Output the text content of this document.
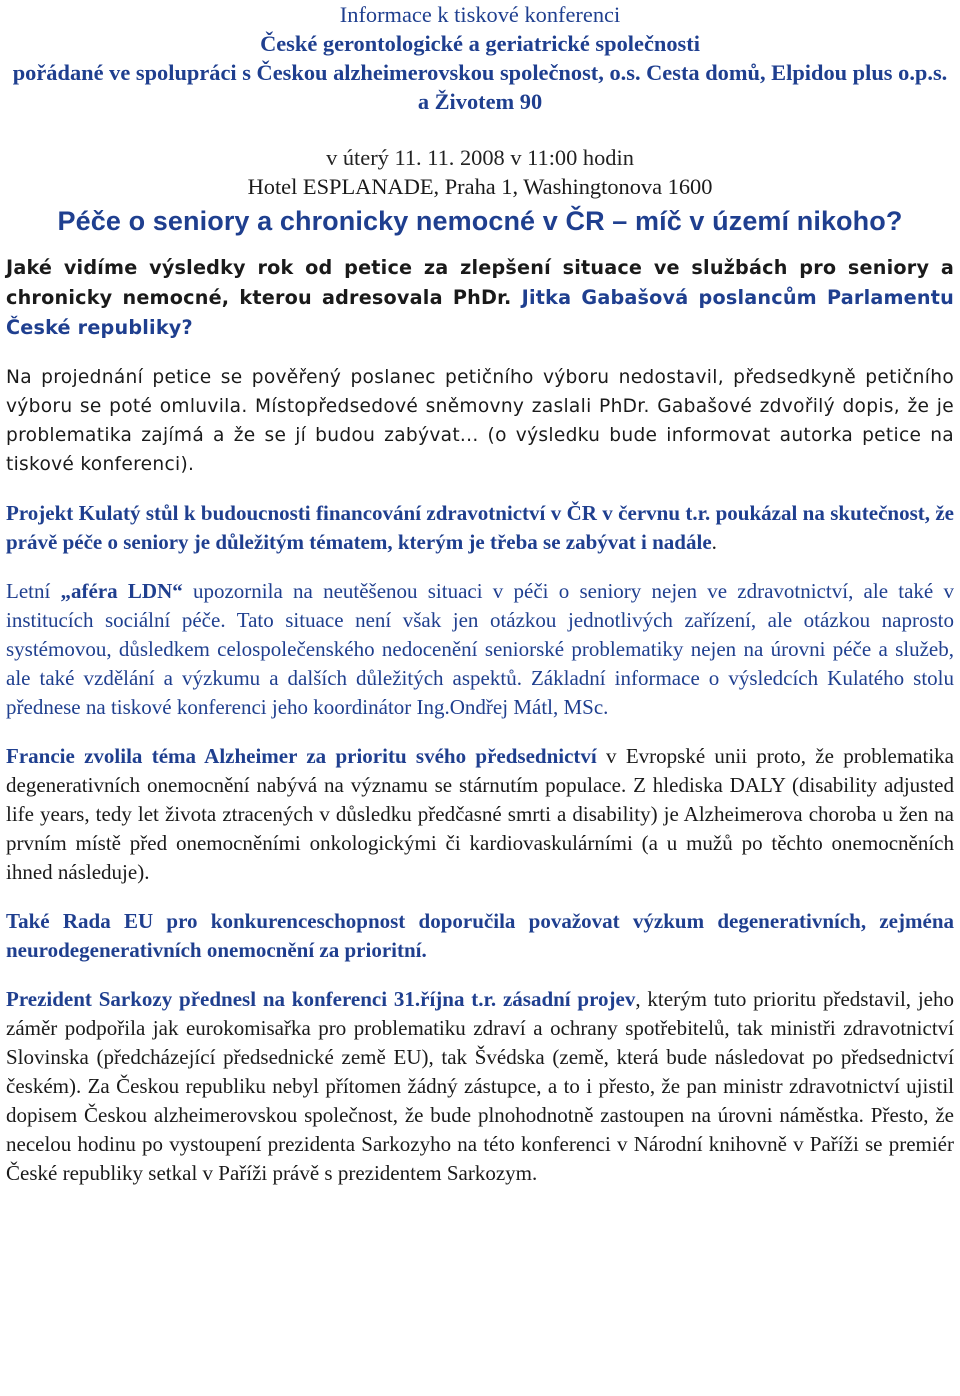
Informace k tiskové konferenci
České gerontologické a geriatrické společnosti
pořádané ve spolupráci s Českou alzheimerovskou společnost, o.s. Cesta domů, Elpidou plus o.p.s. a Životem 90
v úterý 11. 11. 2008 v 11:00 hodin
Hotel ESPLANADE, Praha 1, Washingtonova 1600
Péče o seniory a chronicky nemocné v ČR – míč v území nikoho?
Jaké vidíme výsledky rok od petice za zlepšení situace ve službách pro seniory a chronicky nemocné, kterou adresovala PhDr. Jitka Gabašová poslancům Parlamentu České republiky?
Na projednání petice se pověřený poslanec petičního výboru nedostavil, předsedkyně petičního výboru se poté omluvila. Místopředsedové sněmovny zaslali PhDr. Gabašové zdvořilý dopis, že je problematika zajímá a že se jí budou zabývat... (o výsledku bude informovat autorka petice na tiskové konferenci).
Projekt Kulatý stůl k budoucnosti financování zdravotnictví v ČR v červnu t.r. poukázal na skutečnost, že právě péče o seniory je důležitým tématem, kterým je třeba se zabývat i nadále.
Letní „aféra LDN“ upozornila na neutěšenou situaci v péči o seniory nejen ve zdravotnictví, ale také v institucích sociální péče. Tato situace není však jen otázkou jednotlivých zařízení, ale otázkou naprosto systémovou, důsledkem celospolečenského nedocenění seniorské problematiky nejen na úrovni péče a služeb, ale také vzdělání a výzkumu a dalších důležitých aspektů. Základní informace o výsledcích Kulatého stolu přednese na tiskové konferenci jeho koordinátor Ing.Ondřej Mátl, MSc.
Francie zvolila téma Alzheimer za prioritu svého předsednictví v Evropské unii proto, že problematika degenerativních onemocnění nabývá na významu se stárnutím populace. Z hlediska DALY (disability adjusted life years, tedy let života ztracených v důsledku předčasné smrti a disability) je Alzheimerova choroba u žen na prvním místě před onemocněními onkologickými či kardiovaskulárními (a u mužů po těchto onemocněních ihned následuje).
Také Rada EU pro konkurenceschopnost doporučila považovat výzkum degenerativních, zejména neurodegenerativních onemocnění za prioritní.
Prezident Sarkozy přednesl na konferenci 31.října t.r. zásadní projev, kterým tuto prioritu představil, jeho záměr podpořila jak eurokomisařka pro problematiku zdraví a ochrany spotřebitelů, tak ministři zdravotnictví Slovinska (předcházející předsednické země EU), tak Švédska (země, která bude následovat po předsednictví českém). Za Českou republiku nebyl přítomen žádný zástupce, a to i přesto, že pan ministr zdravotnictví ujistil dopisem Českou alzheimerovskou společnost, že bude plnohodnotně zastoupen na úrovni náměstka. Přesto, že necelou hodinu po vystoupení prezidenta Sarkozyho na této konferenci v Národní knihovně v Paříži se premiér České republiky setkal v Paříži právě s prezidentem Sarkozym.
